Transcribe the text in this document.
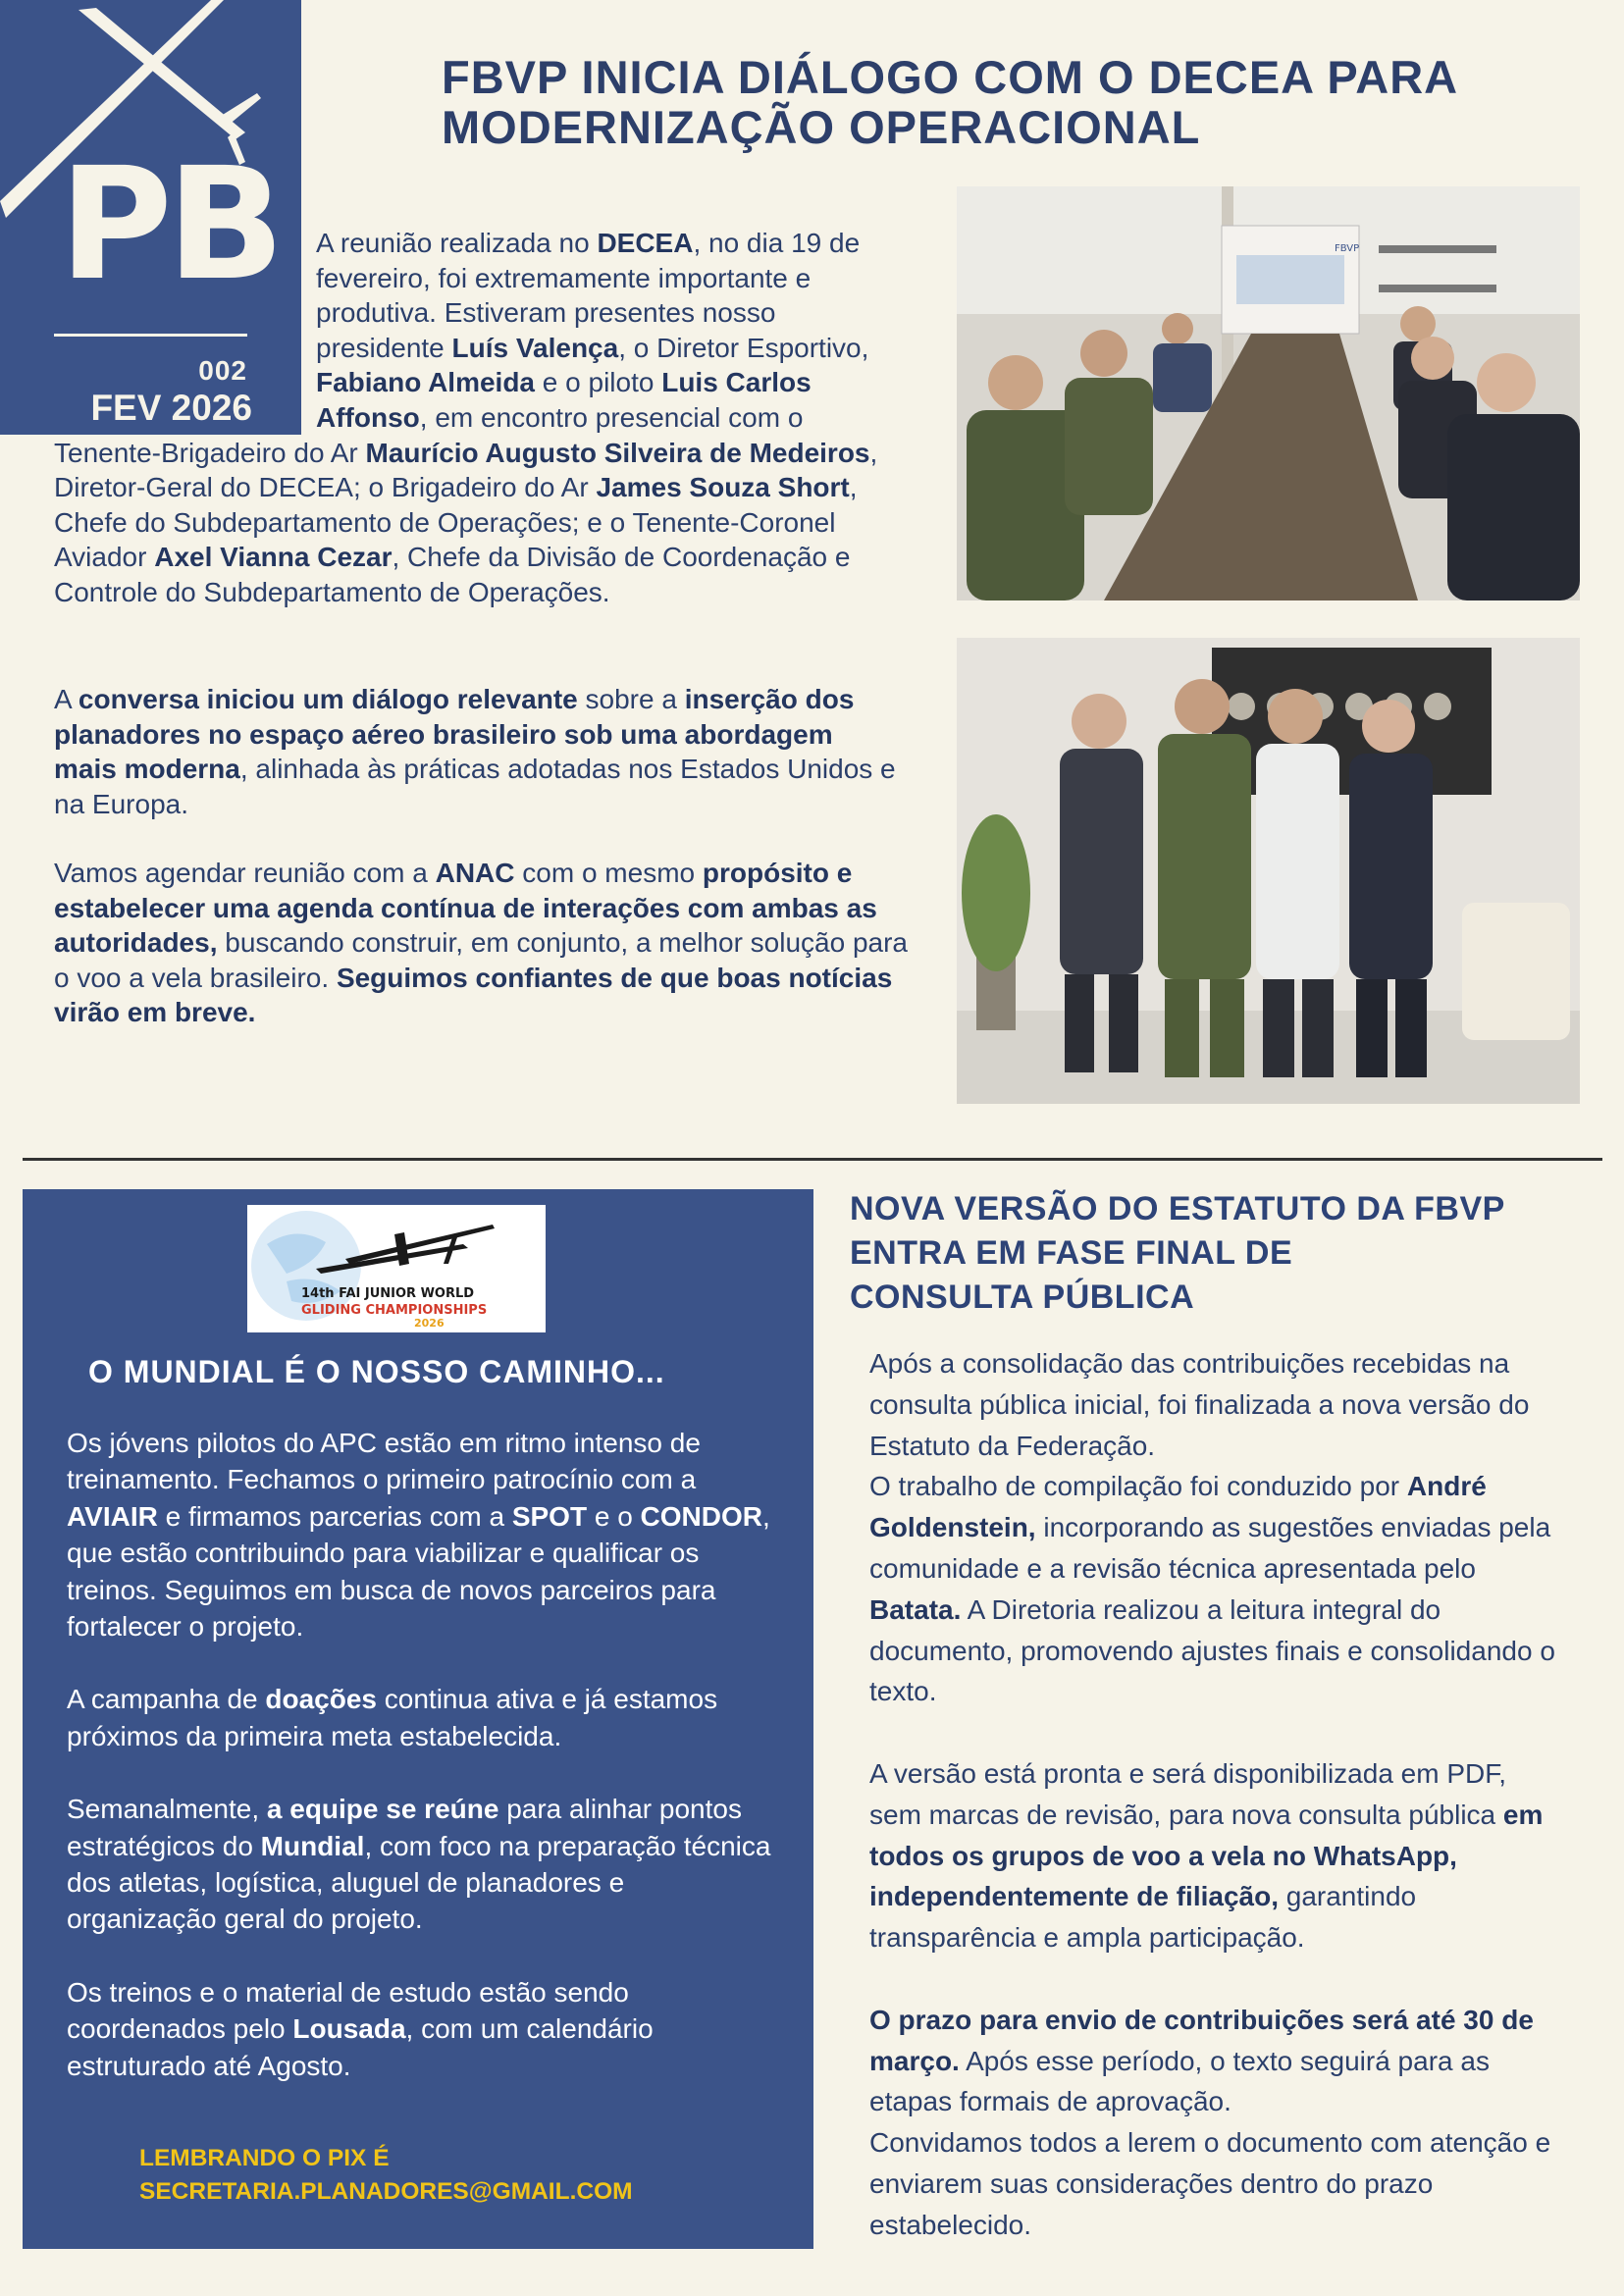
PB
002
FEV 2026
FBVP INICIA DIÁLOGO COM O DECEA PARA MODERNIZAÇÃO OPERACIONAL

A reunião realizada no DECEA, no dia 19 de fevereiro, foi extremamente importante e produtiva. Estiveram presentes nosso presidente Luís Valença, o Diretor Esportivo, Fabiano Almeida e o piloto Luis Carlos Affonso, em encontro presencial com o Tenente-Brigadeiro do Ar Maurício Augusto Silveira de Medeiros, Diretor-Geral do DECEA; o Brigadeiro do Ar James Souza Short, Chefe do Subdepartamento de Operações; e o Tenente-Coronel Aviador Axel Vianna Cezar, Chefe da Divisão de Coordenação e Controle do Subdepartamento de Operações.

A conversa iniciou um diálogo relevante sobre a inserção dos planadores no espaço aéreo brasileiro sob uma abordagem mais moderna, alinhada às práticas adotadas nos Estados Unidos e na Europa.

Vamos agendar reunião com a ANAC com o mesmo propósito e estabelecer uma agenda contínua de interações com ambas as autoridades, buscando construir, em conjunto, a melhor solução para o voo a vela brasileiro. Seguimos confiantes de que boas notícias virão em breve.

FBVP
14th FAI JUNIOR WORLD
GLIDING CHAMPIONSHIPS
2026
O MUNDIAL É O NOSSO CAMINHO...

Os jóvens pilotos do APC estão em ritmo intenso de treinamento. Fechamos o primeiro patrocínio com a AVIAIR e firmamos parcerias com a SPOT e o CONDOR, que estão contribuindo para viabilizar e qualificar os treinos. Seguimos em busca de novos parceiros para fortalecer o projeto.

A campanha de doações continua ativa e já estamos próximos da primeira meta estabelecida.

Semanalmente, a equipe se reúne para alinhar pontos estratégicos do Mundial, com foco na preparação técnica dos atletas, logística, aluguel de planadores e organização geral do projeto.

Os treinos e o material de estudo estão sendo coordenados pelo Lousada, com um calendário estruturado até Agosto.

LEMBRANDO O PIX É
SECRETARIA.PLANADORES@GMAIL.COM

NOVA VERSÃO DO ESTATUTO DA FBVP
ENTRA EM FASE FINAL DE
CONSULTA PÚBLICA

Após a consolidação das contribuições recebidas na consulta pública inicial, foi finalizada a nova versão do Estatuto da Federação.
O trabalho de compilação foi conduzido por André Goldenstein, incorporando as sugestões enviadas pela comunidade e a revisão técnica apresentada pelo Batata. A Diretoria realizou a leitura integral do documento, promovendo ajustes finais e consolidando o texto.

A versão está pronta e será disponibilizada em PDF, sem marcas de revisão, para nova consulta pública em todos os grupos de voo a vela no WhatsApp, independentemente de filiação, garantindo transparência e ampla participação.

O prazo para envio de contribuições será até 30 de março. Após esse período, o texto seguirá para as etapas formais de aprovação.
Convidamos todos a lerem o documento com atenção e enviarem suas considerações dentro do prazo estabelecido.
